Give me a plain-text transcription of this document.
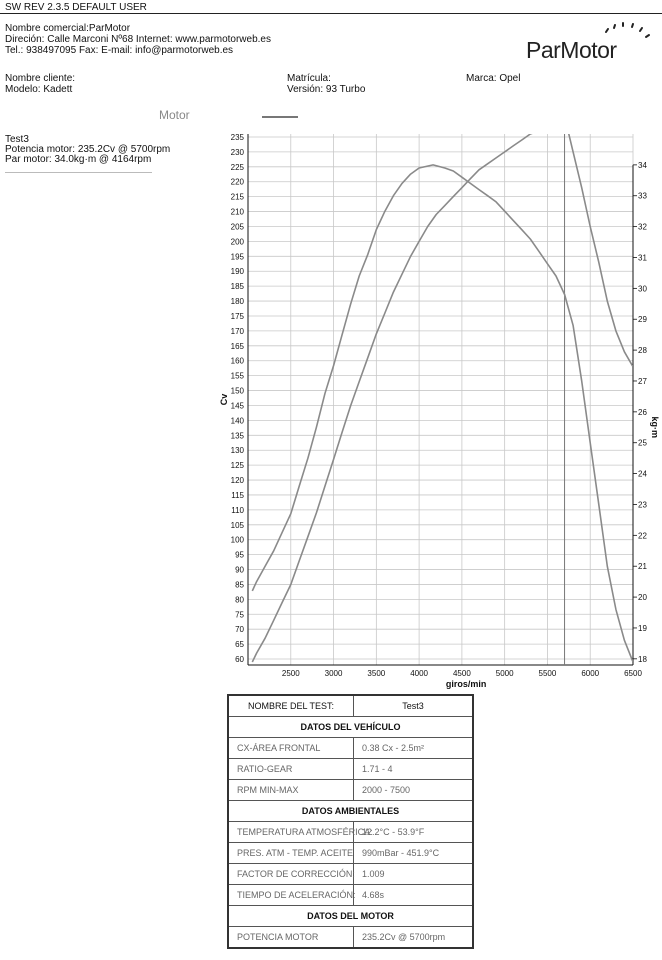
SW REV 2.3.5 DEFAULT USER
Nombre comercial:ParMotor
Direción: Calle Marconi Nº68 Internet: www.parmotorweb.es
Tel.: 938497095 Fax: E-mail: info@parmotorweb.es	ParMotor
Nombre cliente:
Modelo: Kadett
Matrícula:
Versión: 93 Turbo
Marca: Opel
Motor
Test3
Potencia motor: 235.2Cv @ 5700rpm
Par motor: 34.0kg·m @ 4164rpm
60
65
70
75
80
85
90
95
100
105
110
115
120
125
130
135
140
145
150
155
160
165
170
175
180
185
190
195
200
205
210
215
220
225
230
235
18
19
20
21
22
23
24
25
26
27
28
29
30
31
32
33
34
2500	3000	3500	4000	4500	5000	5500	6000	6500
Cv
kg·m
giros/min
NOMBRE DEL TEST:	Test3
DATOS DEL VEHÍCULO	
CX-ÁREA FRONTAL	0.38 Cx - 2.5m²
RATIO-GEAR	1.71 - 4
RPM MIN-MAX	2000 - 7500
DATOS AMBIENTALES	
TEMPERATURA ATMOSFÉRICA:	12.2°C - 53.9°F
PRES. ATM - TEMP. ACEITE	990mBar - 451.9°C
FACTOR DE CORRECCIÓN:	1.009
TIEMPO DE ACELERACIÓN:	4.68s
DATOS DEL MOTOR	
POTENCIA MOTOR	235.2Cv @ 5700rpm
